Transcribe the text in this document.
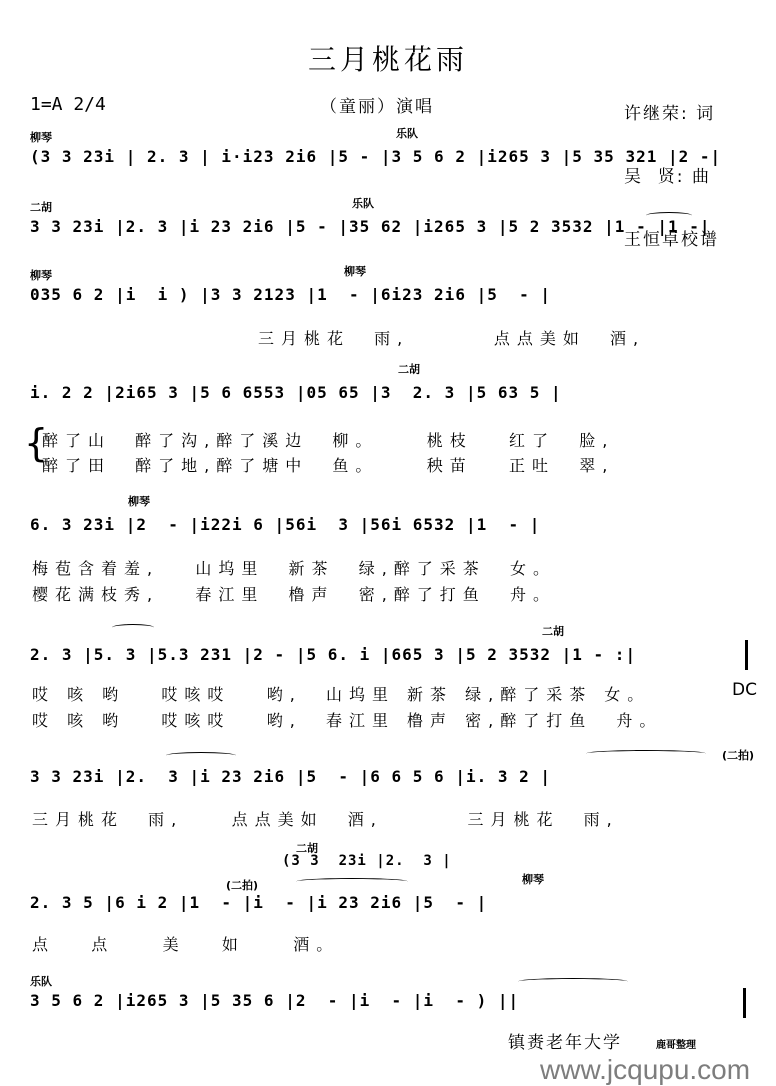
三月桃花雨
（童丽）演唱
1=A 2/4

	许继荣: 词

吴  贤: 曲

王恒卓校谱

柳琴	乐队
(3 3 23i | 2. 3 | i·i23 2i6 |5 - |3 5 6 2 |i265 3 |5 35 321 |2 -|
二胡	乐队
3 3 23i |2. 3 |i 23 2i6 |5 - |35 62 |i265 3 |5 2 3532 |1 - |1 -|
柳琴	柳琴
035 6 2 |i  i ) |3 3 2123 |1  - |6i23 2i6 |5  - |
二胡
i. 2 2 |2i65 3 |5 6 6553 |05 65 |3  2. 3 |5 63 5 |
柳琴
6. 3 23i |2  - |i22i 6 |56i  3 |56i 6532 |1  - |
二胡
2. 3 |5. 3 |5.3 231 |2 - |5 6. i |665 3 |5 2 3532 |1 - :|
3 3 23i |2.  3 |i 23 2i6 |5  - |6 6 5 6 |i. 3 2 |
柳琴
2. 3 5 |6 i 2 |1  - |i  - |i 23 2i6 |5  - |
乐队
3 5 6 2 |i265 3 |5 35 6 |2  - |i  - |i  - ) ||
三月桃花  雨,       点点美如  酒,
醉了山  醉了沟,醉了溪边  柳。    桃枝   红了  脸,
醉了田  醉了地,醉了塘中  鱼。    秧苗   正吐  翠,
梅苞含着羞,   山坞里  新茶  绿,醉了采茶  女。
樱花满枝秀,   春江里  橹声  密,醉了打鱼  舟。
哎 咳 哟   哎咳哎   哟,  山坞里 新茶 绿,醉了采茶 女。
哎 咳 哟   哎咳哎   哟,  春江里 橹声 密,醉了打鱼  舟。
三月桃花  雨,    点点美如  酒,       三月桃花  雨,
点   点    美   如    酒。
{
DC
(二拍)
(二拍)
(3 3  23i |2.  3 |
二胡
镇赉老年大学	鹿哥整理
www.jcqupu.com
